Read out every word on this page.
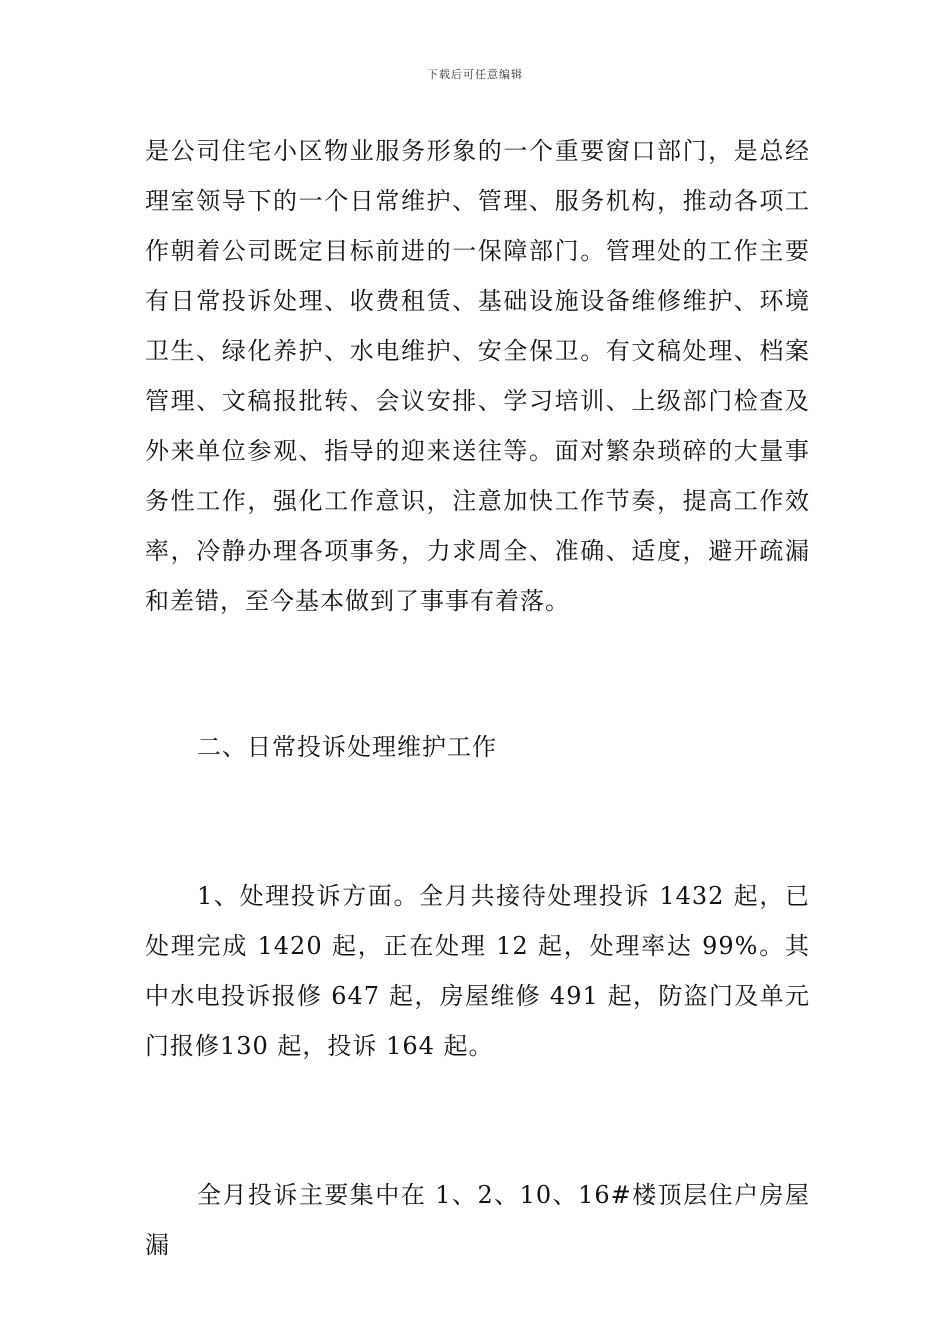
下载后可任意编辑

是公司住宅小区物业服务形象的一个重要窗口部门，是总经理室领导下的一个日常维护、管理、服务机构，推动各项工作朝着公司既定目标前进的一保障部门。管理处的工作主要有日常投诉处理、收费租赁、基础设施设备维修维护、环境卫生、绿化养护、水电维护、安全保卫。有文稿处理、档案管理、文稿报批转、会议安排、学习培训、上级部门检查及外来单位参观、指导的迎来送往等。面对繁杂琐碎的大量事务性工作，强化工作意识，注意加快工作节奏，提高工作效率，冷静办理各项事务，力求周全、准确、适度，避开疏漏和差错，至今基本做到了事事有着落。

二、日常投诉处理维护工作

1、处理投诉方面。全月共接待处理投诉 1432 起，已处理完成 1420 起，正在处理 12 起，处理率达 99%。其中水电投诉报修 647 起，房屋维修 491 起，防盗门及单元门报修130 起，投诉 164 起。

全月投诉主要集中在 1、2、10、16#楼顶层住户房屋漏
